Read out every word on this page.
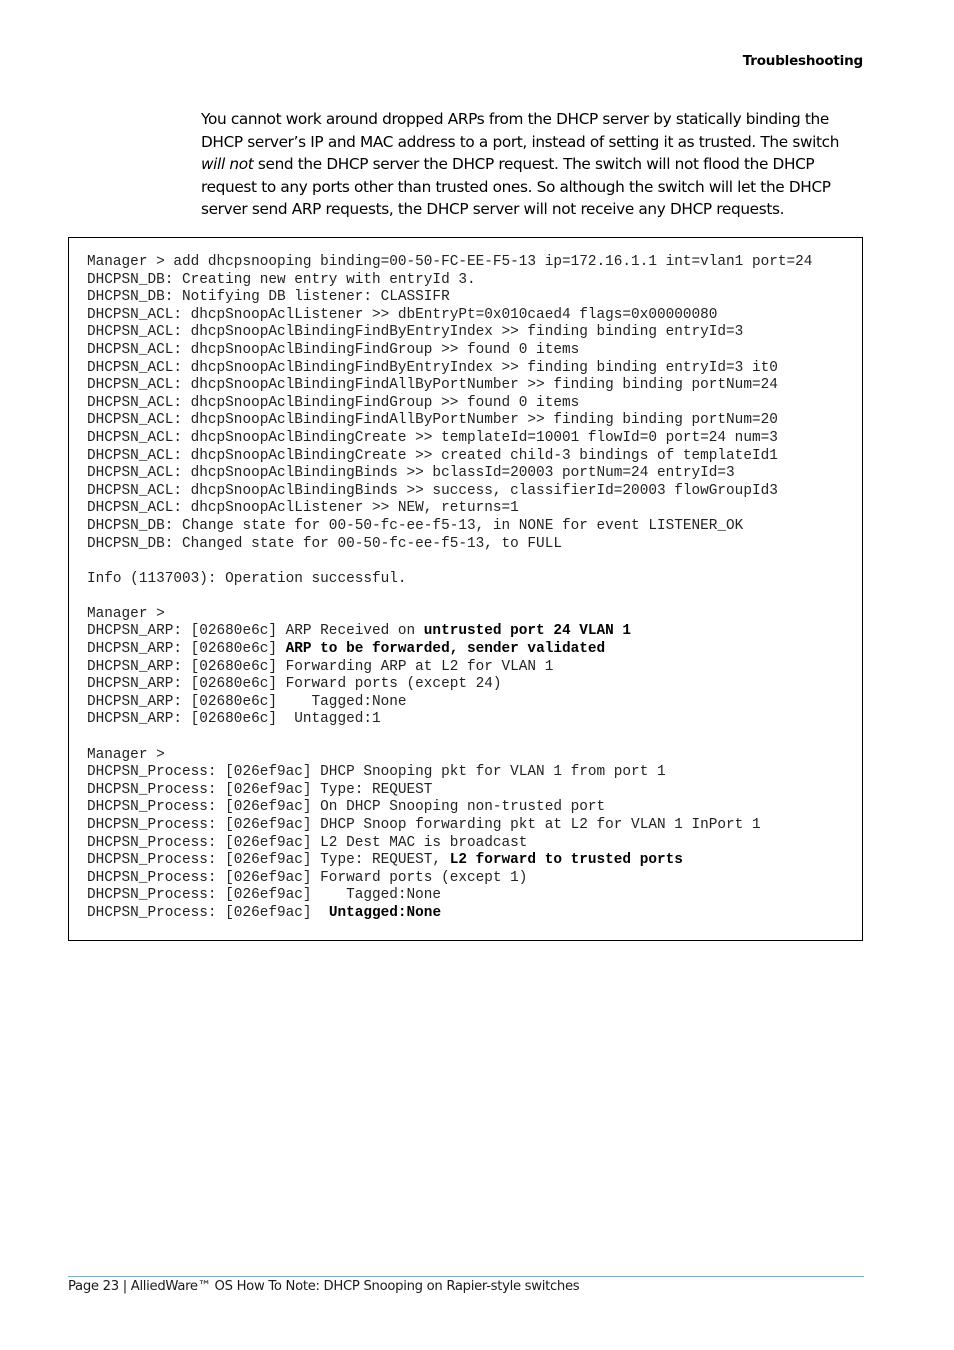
Troubleshooting

You cannot work around dropped ARPs from the DHCP server by statically binding the DHCP server’s IP and MAC address to a port, instead of setting it as trusted. The switch will not send the DHCP server the DHCP request. The switch will not flood the DHCP request to any ports other than trusted ones. So although the switch will let the DHCP server send ARP requests, the DHCP server will not receive any DHCP requests.

Manager > add dhcpsnooping binding=00-50-FC-EE-F5-13 ip=172.16.1.1 int=vlan1 port=24
DHCPSN_DB: Creating new entry with entryId 3.
DHCPSN_DB: Notifying DB listener: CLASSIFR
DHCPSN_ACL: dhcpSnoopAclListener >> dbEntryPt=0x010caed4 flags=0x00000080
DHCPSN_ACL: dhcpSnoopAclBindingFindByEntryIndex >> finding binding entryId=3
DHCPSN_ACL: dhcpSnoopAclBindingFindGroup >> found 0 items
DHCPSN_ACL: dhcpSnoopAclBindingFindByEntryIndex >> finding binding entryId=3 it0
DHCPSN_ACL: dhcpSnoopAclBindingFindAllByPortNumber >> finding binding portNum=24
DHCPSN_ACL: dhcpSnoopAclBindingFindGroup >> found 0 items
DHCPSN_ACL: dhcpSnoopAclBindingFindAllByPortNumber >> finding binding portNum=20
DHCPSN_ACL: dhcpSnoopAclBindingCreate >> templateId=10001 flowId=0 port=24 num=3
DHCPSN_ACL: dhcpSnoopAclBindingCreate >> created child-3 bindings of templateId1
DHCPSN_ACL: dhcpSnoopAclBindingBinds >> bclassId=20003 portNum=24 entryId=3
DHCPSN_ACL: dhcpSnoopAclBindingBinds >> success, classifierId=20003 flowGroupId3
DHCPSN_ACL: dhcpSnoopAclListener >> NEW, returns=1
DHCPSN_DB: Change state for 00-50-fc-ee-f5-13, in NONE for event LISTENER_OK
DHCPSN_DB: Changed state for 00-50-fc-ee-f5-13, to FULL
Info (1137003): Operation successful.
Manager >
DHCPSN_ARP: [02680e6c] ARP Received on untrusted port 24 VLAN 1
DHCPSN_ARP: [02680e6c] ARP to be forwarded, sender validated
DHCPSN_ARP: [02680e6c] Forwarding ARP at L2 for VLAN 1
DHCPSN_ARP: [02680e6c] Forward ports (except 24)
DHCPSN_ARP: [02680e6c]    Tagged:None
DHCPSN_ARP: [02680e6c]  Untagged:1
Manager >
DHCPSN_Process: [026ef9ac] DHCP Snooping pkt for VLAN 1 from port 1
DHCPSN_Process: [026ef9ac] Type: REQUEST
DHCPSN_Process: [026ef9ac] On DHCP Snooping non-trusted port
DHCPSN_Process: [026ef9ac] DHCP Snoop forwarding pkt at L2 for VLAN 1 InPort 1
DHCPSN_Process: [026ef9ac] L2 Dest MAC is broadcast
DHCPSN_Process: [026ef9ac] Type: REQUEST, L2 forward to trusted ports
DHCPSN_Process: [026ef9ac] Forward ports (except 1)
DHCPSN_Process: [026ef9ac]    Tagged:None
DHCPSN_Process: [026ef9ac]  Untagged:None
Page 23 | AlliedWare™ OS How To Note: DHCP Snooping on Rapier-style switches
